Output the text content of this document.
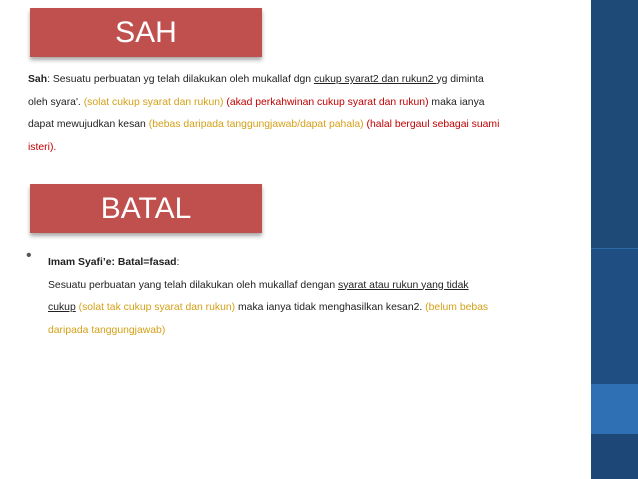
SAH
Sah: Sesuatu perbuatan yg telah dilakukan oleh mukallaf dgn cukup syarat2 dan rukun2 yg diminta
oleh syara'. (solat cukup syarat dan rukun) (akad perkahwinan cukup syarat dan rukun) maka ianya
dapat mewujudkan kesan (bebas daripada tanggungjawab/dapat pahala) (halal bergaul sebagai suami
isteri).
BATAL
• Imam Syafi’e: Batal=fasad:
Sesuatu perbuatan yang telah dilakukan oleh mukallaf dengan syarat atau rukun yang tidak
cukup (solat tak cukup syarat dan rukun) maka ianya tidak menghasilkan kesan2. (belum bebas
daripada tanggungjawab)
